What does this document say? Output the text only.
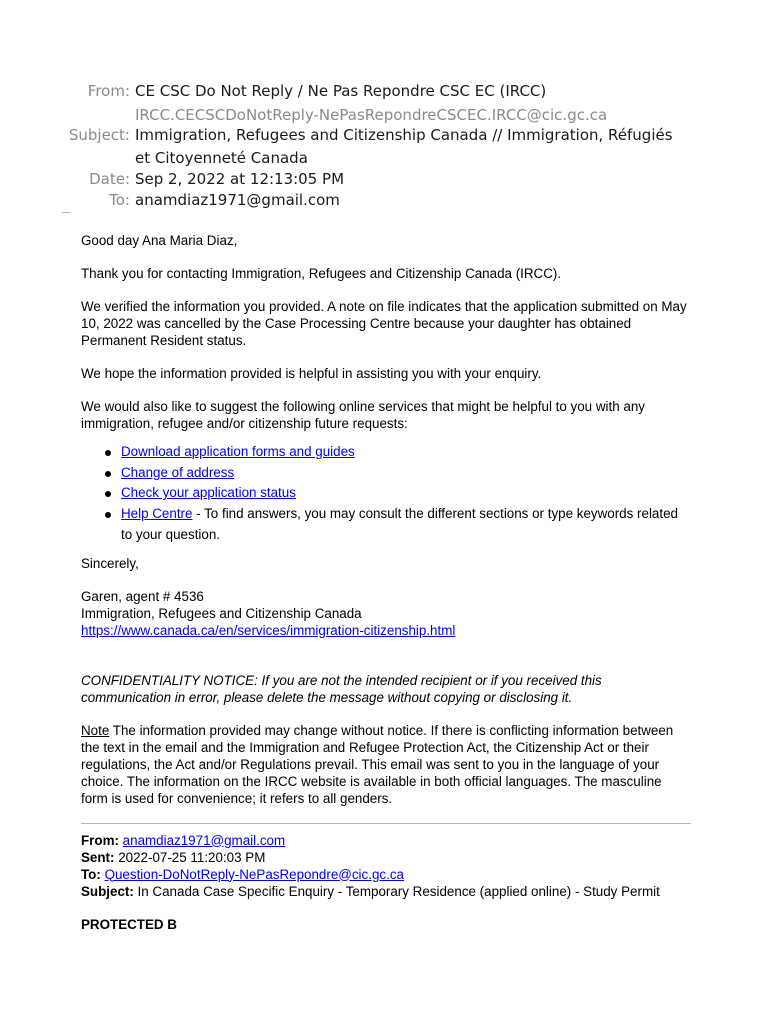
From: CE CSC Do Not Reply / Ne Pas Repondre CSC EC (IRCC)
IRCC.CECSCDoNotReply-NePasRepondreCSCEC.IRCC@cic.gc.ca
Subject: Immigration, Refugees and Citizenship Canada // Immigration, Réfugiés
et Citoyenneté Canada
Date: Sep 2, 2022 at 12:13:05 PM
To: anamdiaz1971@gmail.com

Good day Ana Maria Diaz,

Thank you for contacting Immigration, Refugees and Citizenship Canada (IRCC).

We verified the information you provided. A note on file indicates that the application submitted on May 10, 2022 was cancelled by the Case Processing Centre because your daughter has obtained Permanent Resident status.

We hope the information provided is helpful in assisting you with your enquiry.

We would also like to suggest the following online services that might be helpful to you with any immigration, refugee and/or citizenship future requests:

Download application forms and guides
Change of address
Check your application status
Help Centre - To find answers, you may consult the different sections or type keywords related to your question.

Sincerely,

Garen, agent # 4536

Immigration, Refugees and Citizenship Canada

https://www.canada.ca/en/services/immigration-citizenship.html

CONFIDENTIALITY NOTICE: If you are not the intended recipient or if you received this communication in error, please delete the message without copying or disclosing it.

Note The information provided may change without notice. If there is conflicting information between the text in the email and the Immigration and Refugee Protection Act, the Citizenship Act or their regulations, the Act and/or Regulations prevail. This email was sent to you in the language of your choice. The information on the IRCC website is available in both official languages. The masculine form is used for convenience; it refers to all genders.

From: anamdiaz1971@gmail.com

Sent: 2022-07-25 11:20:03 PM

To: Question-DoNotReply-NePasRepondre@cic.gc.ca

Subject: In Canada Case Specific Enquiry - Temporary Residence (applied online) - Study Permit

PROTECTED B
